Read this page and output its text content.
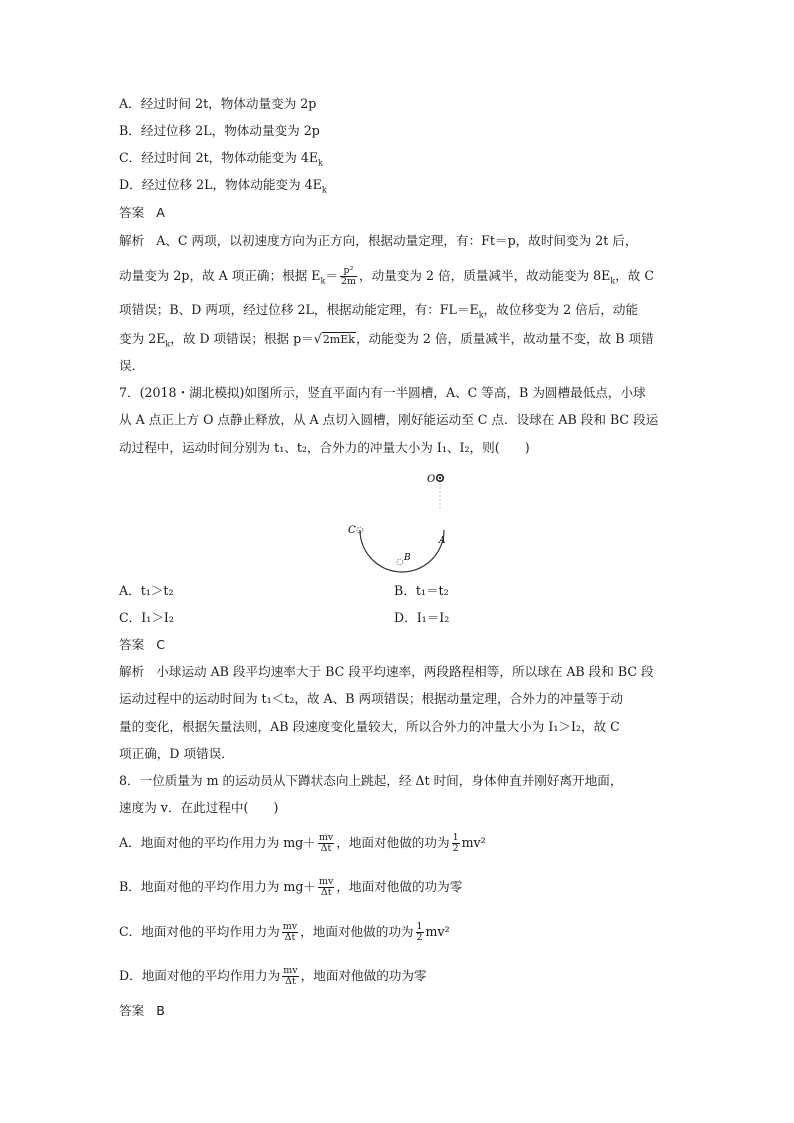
A．经过时间 2t，物体动量变为 2p
B．经过位移 2L，物体动量变为 2p
C．经过时间 2t，物体动能变为 $4E_k$
D．经过位移 2L，物体动能变为 $4E_k$
答案 A
解析 A、C 两项，以初速度方向为正方向，根据动量定理，有：Ft＝p，故时间变为 2t 后，
动量变为 2p，故 A 项正确；根据 $E_k= \frac{\text{p²}}{2m}$ ，动量变为 2 倍，质量减半，故动能变为 $8E_k$，故 C
项错误；B、D 两项，经过位移 2L，根据动能定理，有：$FL=E_k$，故位移变为 2 倍后，动能
变为 $2E_k$，故 D 项错误；根据 p＝√2mEk，动能变为 2 倍，质量减半，故动量不变，故 B 项错
误．
7．(2018・湖北模拟)如图所示，竖直平面内有一半圆槽，A、C 等高，B 为圆槽最低点，小球
从 A 点正上方 O 点静止释放，从 A 点切入圆槽，刚好能运动至 C 点．设球在 AB 段和 BC 段运
动过程中，运动时间分别为 t₁、t₂，合外力的冲量大小为 I₁、I₂，则(　　)
O
C
B
A
A．t₁＞t₂	B．t₁＝t₂
C．I₁＞I₂	D．I₁＝I₂
答案 C
解析 小球运动 AB 段平均速率大于 BC 段平均速率，两段路程相等，所以球在 AB 段和 BC 段
运动过程中的运动时间为 t₁＜t₂，故 A、B 两项错误；根据动量定理，合外力的冲量等于动
量的变化，根据矢量法则，AB 段速度变化量较大，所以合外力的冲量大小为 I₁＞I₂，故 C
项正确，D 项错误．
8．一位质量为 m 的运动员从下蹲状态向上跳起，经 Δt 时间，身体伸直并刚好离开地面，
速度为 v．在此过程中(　　)
A．地面对他的平均作用力为 $mg+ \frac{mv}{\Delta t}$ ，地面对他做的功为 $\frac{1}{2} mv^2$
B．地面对他的平均作用力为 $mg+ \frac{mv}{\Delta t}$ ，地面对他做的功为零
C．地面对他的平均作用力为 $\frac{mv}{\Delta t}$ ，地面对他做的功为 $\frac{1}{2} mv^2$
D．地面对他的平均作用力为 $\frac{mv}{\Delta t}$ ，地面对他做的功为零
答案 B
